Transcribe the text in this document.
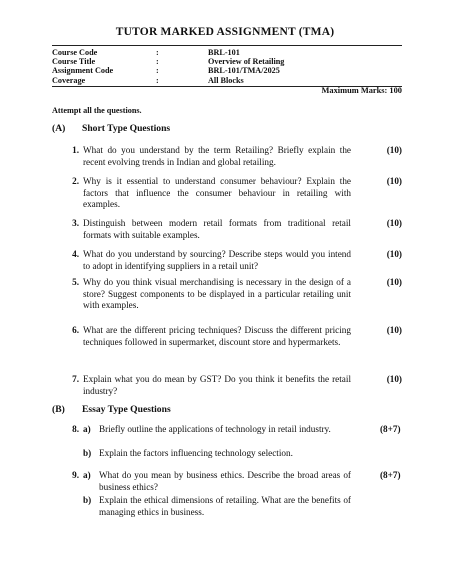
TUTOR MARKED ASSIGNMENT (TMA)
Course Code	:	BRL-101
Course Title	:	Overview of Retailing
Assignment Code	:	BRL-101/TMA/2025
Coverage	:	All Blocks
Maximum Marks: 100
Attempt all the questions.
(A) Short Type Questions
1. What do you understand by the term Retailing? Briefly explain the recent evolving trends in Indian and global retailing.
(10)
2. Why is it essential to understand consumer behaviour? Explain the factors that influence the consumer behaviour in retailing with examples.
(10)
3. Distinguish between modern retail formats from traditional retail formats with suitable examples.
(10)
4. What do you understand by sourcing? Describe steps would you intend to adopt in identifying suppliers in a retail unit?
(10)
5. Why do you think visual merchandising is necessary in the design of a store? Suggest components to be displayed in a particular retailing unit with examples.
(10)
6. What are the different pricing techniques? Discuss the different pricing techniques followed in supermarket, discount store and hypermarkets.
(10)
7. Explain what you do mean by GST? Do you think it benefits the retail industry?
(10)
(B) Essay Type Questions
8. a) Briefly outline the applications of technology in retail industry.	(8+7)
b) Explain the factors influencing technology selection.
9. a) What do you mean by business ethics. Describe the broad areas of business ethics?
(8+7)
b) Explain the ethical dimensions of retailing. What are the benefits of managing ethics in business.
